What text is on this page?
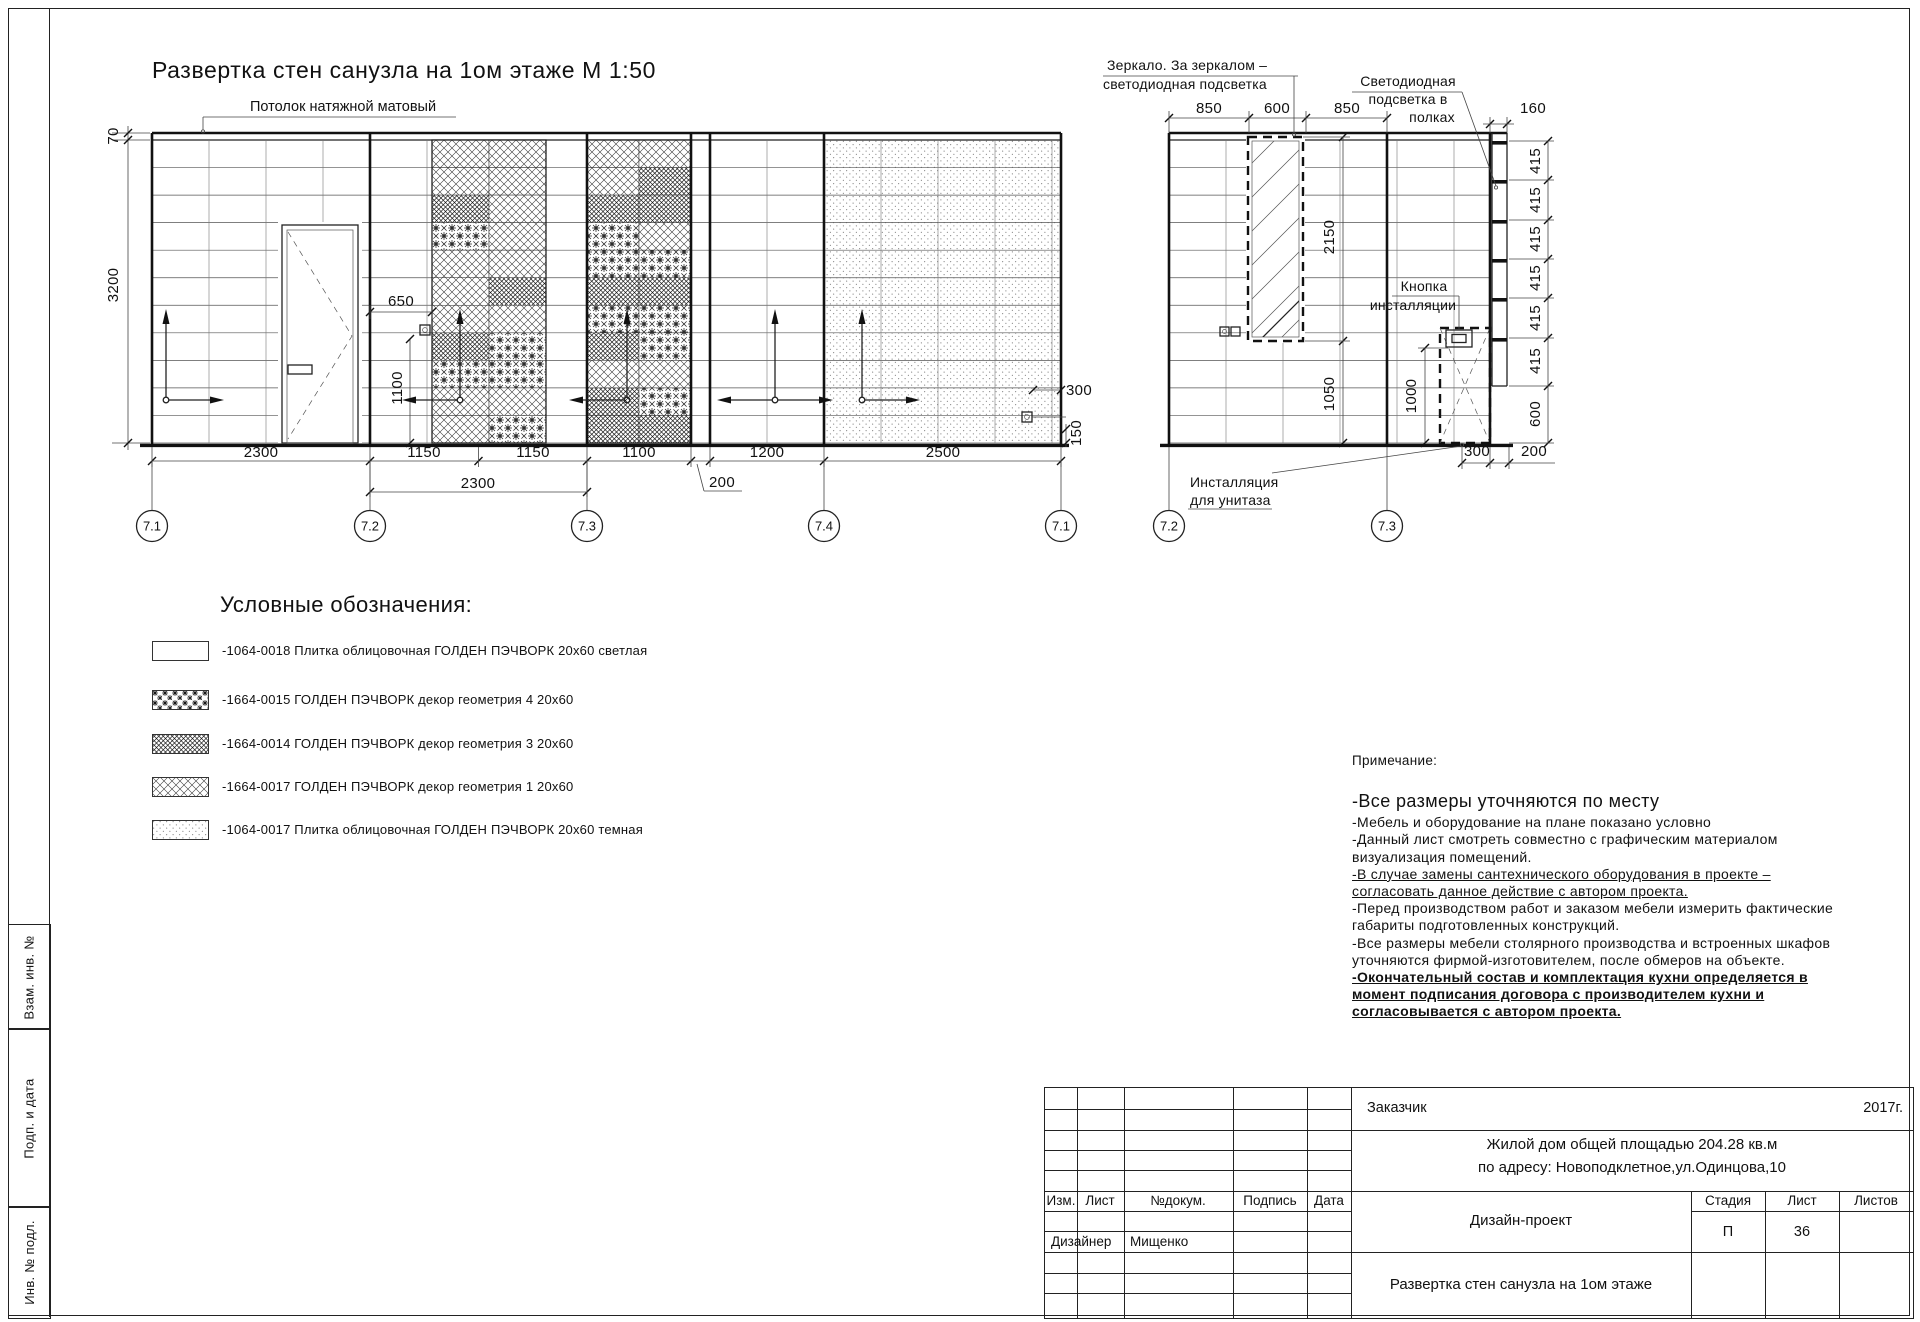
70
3200
2300	1150	1150	1100	1200	2500
2300	200
650
1100	300
150
7.1	7.2	7.3	7.4	7.1
Зеркало. За зеркалом –
светодиодная подсветка	Светодиодная
подсветка в
полках
Кнопка
инсталляции
Инсталляция
для унитаза
850	600	850	160
2150
1050	1000
415
415
415
415
415
415
600
300 200
7.2	7.3
Развертка стен санузла на 1ом этаже М 1:50
Потолок натяжной матовый
Условные обозначения:
-1064-0018 Плитка облицовочная ГОЛДЕН ПЭЧВОРК 20х60 светлая
-1664-0015 ГОЛДЕН ПЭЧВОРК декор геометрия 4 20х60
-1664-0014 ГОЛДЕН ПЭЧВОРК декор геометрия 3 20х60
-1664-0017 ГОЛДЕН ПЭЧВОРК декор геометрия 1 20х60
-1064-0017 Плитка облицовочная ГОЛДЕН ПЭЧВОРК 20х60 темная
Примечание:
-Все размеры уточняются по месту
-Мебель и оборудование на плане показано условно
-Данный лист смотреть совместно с графическим материалом
визуализация помещений.
-В случае замены сантехнического оборудования в проекте –
согласовать данное действие с автором проекта.
-Перед производством работ и заказом мебели измерить фактические
габариты подготовленных конструкций.
-Все размеры мебели столярного производства и встроенных шкафов
уточняются фирмой-изготовителем, после обмеров на объекте.
-Окончательный состав и комплектация кухни определяется в
момент подписания договора с производителем кухни и
согласовывается с автором проекта.
Взам. инв. №
Подп. и дата
Инв. № подл.
Изм. Лист	№докум.	Подпись Дата
Дизайнер Мищенко
Заказчик	2017г.
Жилой дом общей площадью 204.28 кв.м
по адресу: Новоподклетное,ул.Одинцова,10
Дизайн-проект
Стадия	Лист	Листов
П	36
Развертка стен санузла на 1ом этаже
